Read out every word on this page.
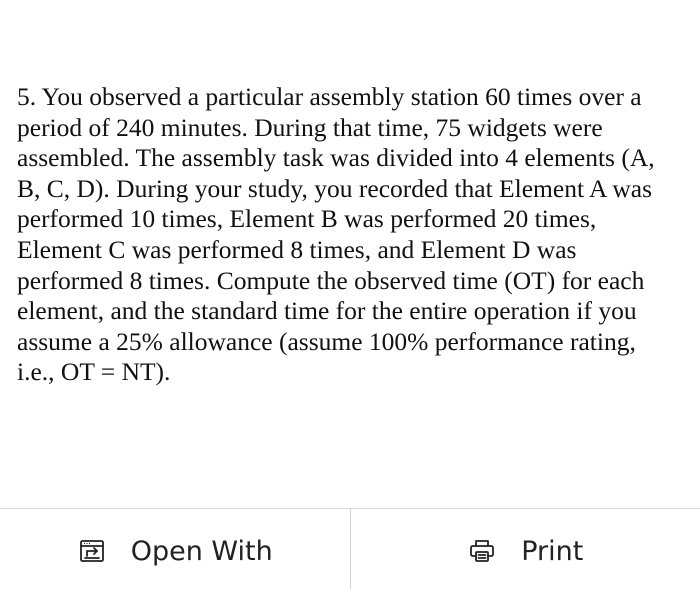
5. You observed a particular assembly station 60 times over a
period of 240 minutes. During that time, 75 widgets were
assembled. The assembly task was divided into 4 elements (A,
B, C, D). During your study, you recorded that Element A was
performed 10 times, Element B was performed 20 times,
Element C was performed 8 times, and Element D was
performed 8 times. Compute the observed time (OT) for each
element, and the standard time for the entire operation if you
assume a 25% allowance (assume 100% performance rating,
i.e., OT = NT).

Open With	Print
